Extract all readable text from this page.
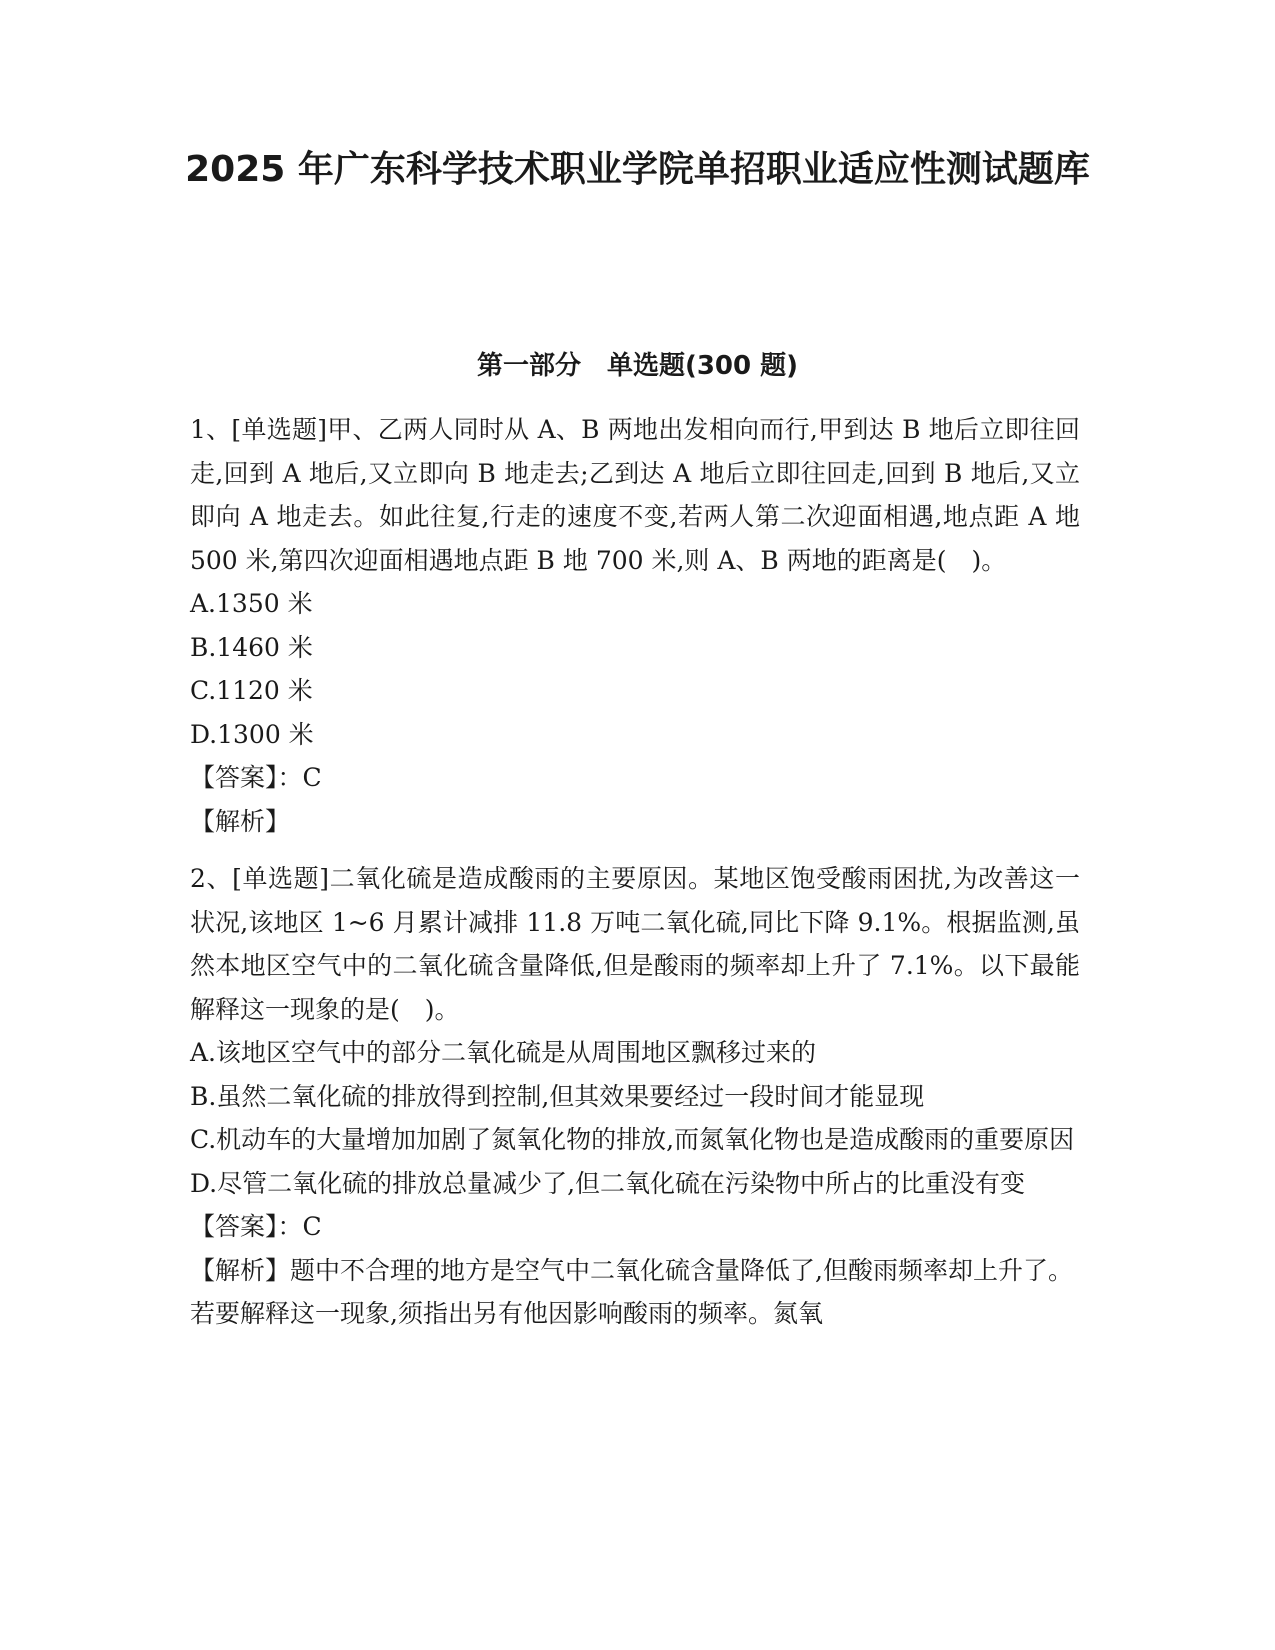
2025 年广东科学技术职业学院单招职业适应性测试题库
第一部分　单选题(300 题)

1、[单选题]甲、乙两人同时从 A、B 两地出发相向而行,甲到达 B 地后立即往回走,回到 A 地后,又立即向 B 地走去;乙到达 A 地后立即往回走,回到 B 地后,又立即向 A 地走去。如此往复,行走的速度不变,若两人第二次迎面相遇,地点距 A 地 500 米,第四次迎面相遇地点距 B 地 700 米,则 A、B 两地的距离是(　)。

A.1350 米

B.1460 米

C.1120 米

D.1300 米

【答案】：C

【解析】

2、[单选题]二氧化硫是造成酸雨的主要原因。某地区饱受酸雨困扰,为改善这一状况,该地区 1~6 月累计减排 11.8 万吨二氧化硫,同比下降 9.1%。根据监测,虽然本地区空气中的二氧化硫含量降低,但是酸雨的频率却上升了 7.1%。以下最能解释这一现象的是(　)。

A.该地区空气中的部分二氧化硫是从周围地区飘移过来的

B.虽然二氧化硫的排放得到控制,但其效果要经过一段时间才能显现

C.机动车的大量增加加剧了氮氧化物的排放,而氮氧化物也是造成酸雨的重要原因

D.尽管二氧化硫的排放总量减少了,但二氧化硫在污染物中所占的比重没有变

【答案】：C

【解析】题中不合理的地方是空气中二氧化硫含量降低了,但酸雨频率却上升了。若要解释这一现象,须指出另有他因影响酸雨的频率。氮氧
